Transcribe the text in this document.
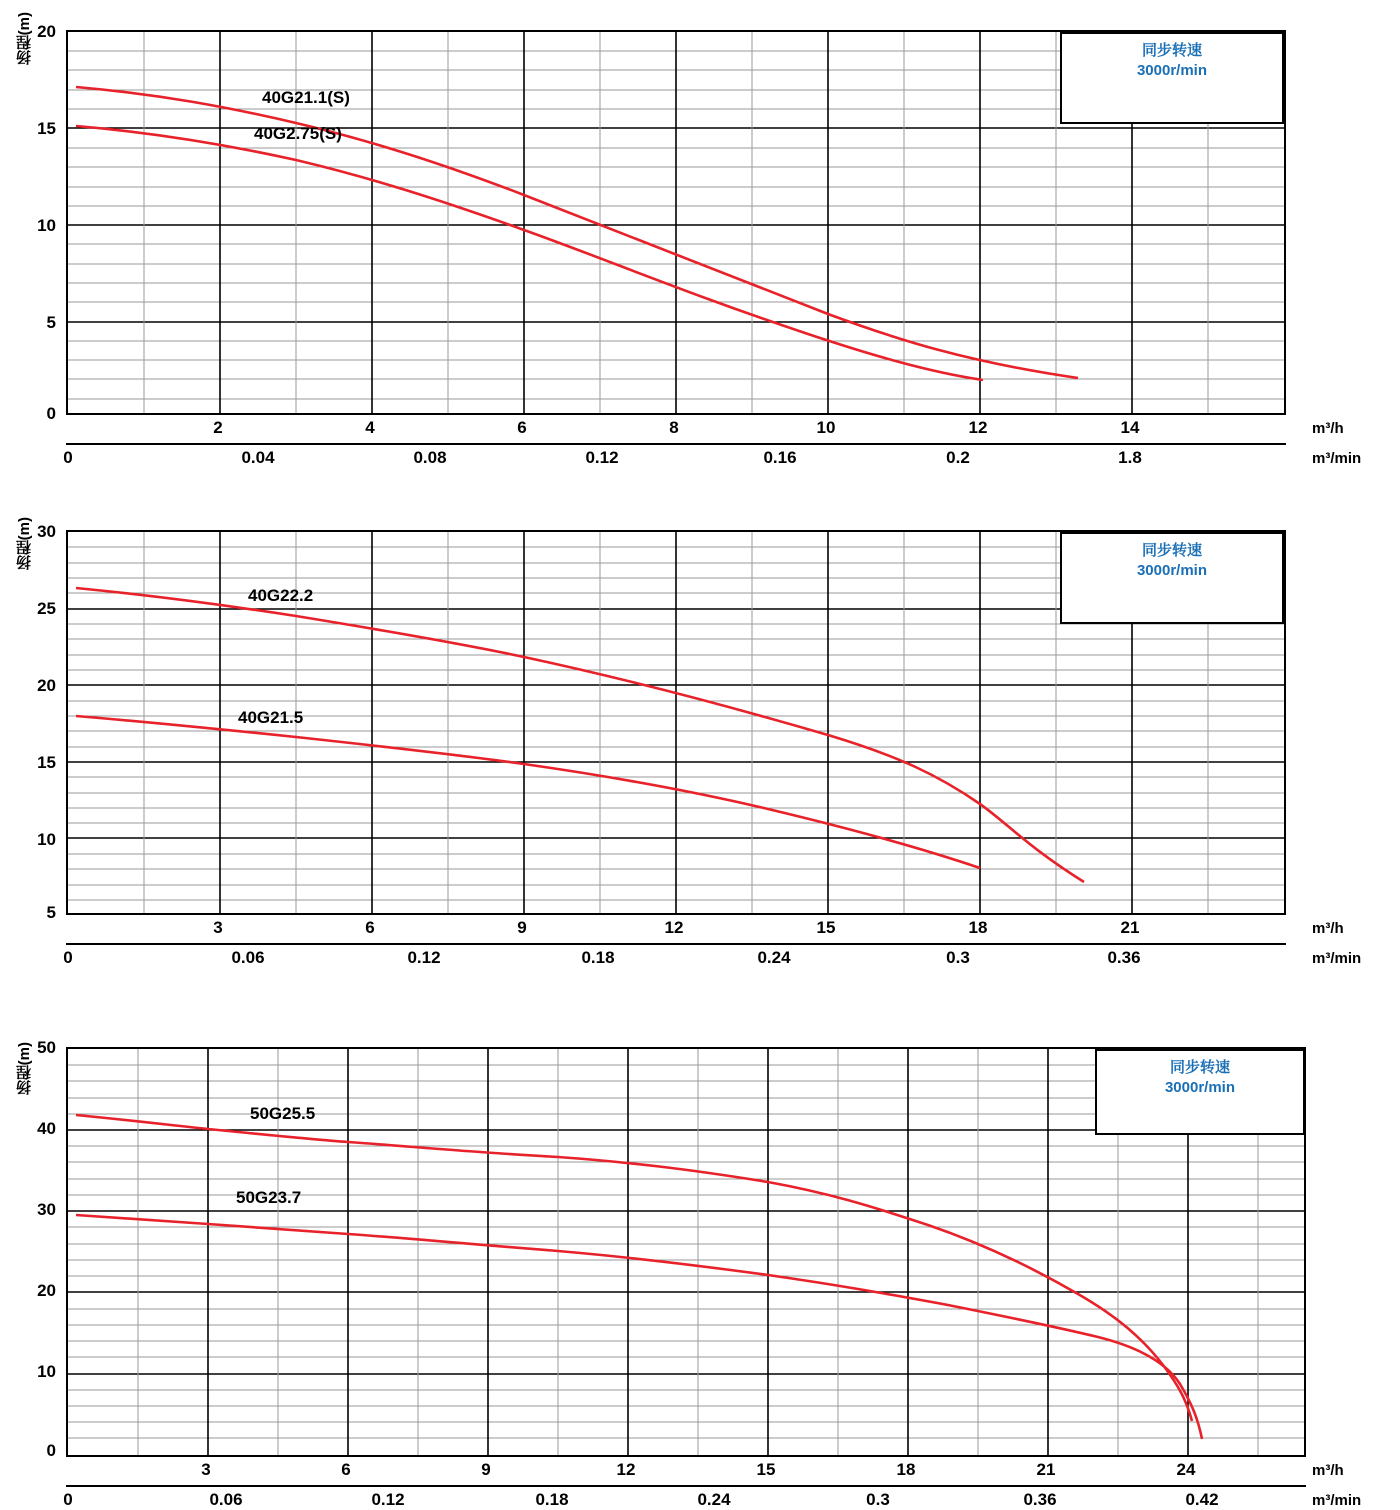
扬程(m) 20
15
10
5
0
40G21.1(S)
40G2.75(S)
同步转速
3000r/min
2	4	6	8	10	12	14	m³/h
0	0.04	0.08	0.12	0.16	0.2	1.8	m³/min
扬程(m) 30
25
20
15
10
5
40G22.2
40G21.5
同步转速
3000r/min
3	6	9	12	15	18	21	m³/h
0	0.06	0.12	0.18	0.24	0.3	0.36	m³/min
扬程(m) 50
40
30
20
10
0
50G25.5
50G23.7
同步转速
3000r/min
3	6	9	12	15	18	21	24	m³/h
0	0.06	0.12	0.18	0.24	0.3	0.36	0.42	m³/min
